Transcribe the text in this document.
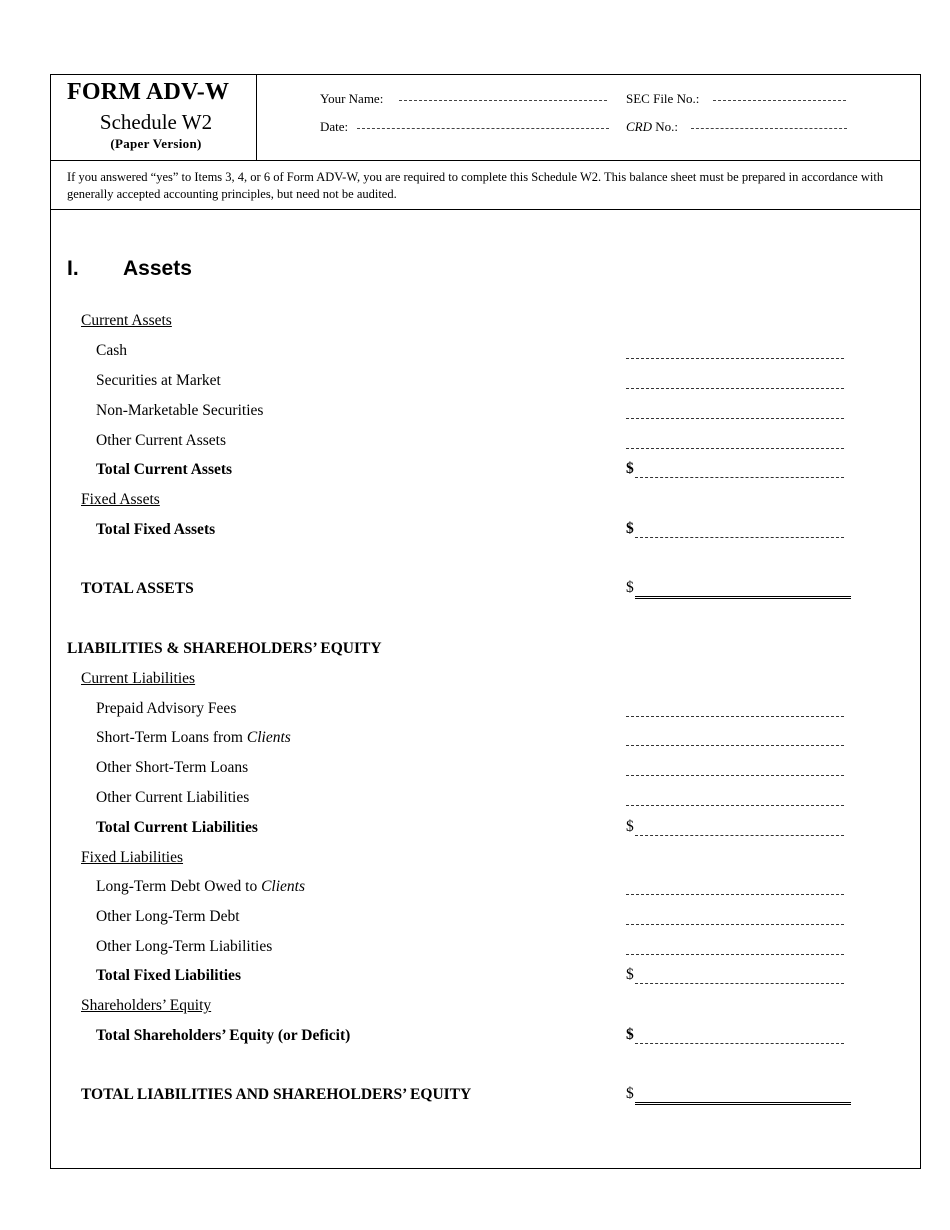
FORM ADV-W
Schedule W2
(Paper Version)
Your Name:
Date:
SEC File No.:
CRD No.:
If you answered “yes” to Items 3, 4, or 6 of Form ADV-W, you are required to complete this Schedule W2. This balance sheet must be prepared in accordance with generally accepted accounting principles, but need not be audited.
I. Assets
Current Assets
Cash
Securities at Market
Non-Marketable Securities
Other Current Assets
Total Current Assets	$
Fixed Assets
Total Fixed Assets	$
TOTAL ASSETS	$
LIABILITIES & SHAREHOLDERS’ EQUITY
Current Liabilities
Prepaid Advisory Fees
Short-Term Loans from Clients
Other Short-Term Loans
Other Current Liabilities
Total Current Liabilities	$
Fixed Liabilities
Long-Term Debt Owed to Clients
Other Long-Term Debt
Other Long-Term Liabilities
Total Fixed Liabilities	$
Shareholders’ Equity
Total Shareholders’ Equity (or Deficit)	$
TOTAL LIABILITIES AND SHAREHOLDERS’ EQUITY	$
